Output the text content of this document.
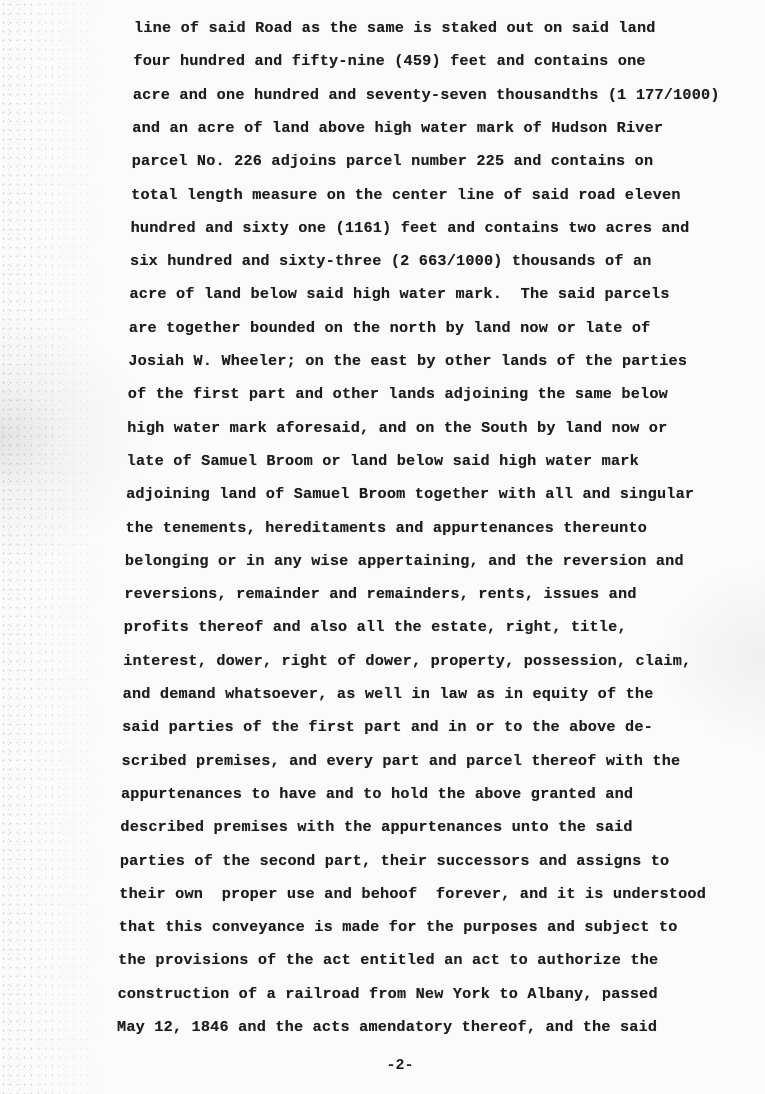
line of said Road as the same is staked out on said land
four hundred and fifty-nine (459) feet and contains one
acre and one hundred and seventy-seven thousandths (1 177/1000)
and an acre of land above high water mark of Hudson River
parcel No. 226 adjoins parcel number 225 and contains on
total length measure on the center line of said road eleven
hundred and sixty one (1161) feet and contains two acres and
six hundred and sixty-three (2 663/1000) thousands of an
acre of land below said high water mark.  The said parcels
are together bounded on the north by land now or late of
Josiah W. Wheeler; on the east by other lands of the parties
of the first part and other lands adjoining the same below
high water mark aforesaid, and on the South by land now or
late of Samuel Broom or land below said high water mark
adjoining land of Samuel Broom together with all and singular
the tenements, hereditaments and appurtenances thereunto
belonging or in any wise appertaining, and the reversion and
reversions, remainder and remainders, rents, issues and
profits thereof and also all the estate, right, title,
interest, dower, right of dower, property, possession, claim,
and demand whatsoever, as well in law as in equity of the
said parties of the first part and in or to the above de-
scribed premises, and every part and parcel thereof with the
appurtenances to have and to hold the above granted and
described premises with the appurtenances unto the said
parties of the second part, their successors and assigns to
their own  proper use and behoof  forever, and it is understood
that this conveyance is made for the purposes and subject to
the provisions of the act entitled an act to authorize the
construction of a railroad from New York to Albany, passed
May 12, 1846 and the acts amendatory thereof, and the said
-2-
